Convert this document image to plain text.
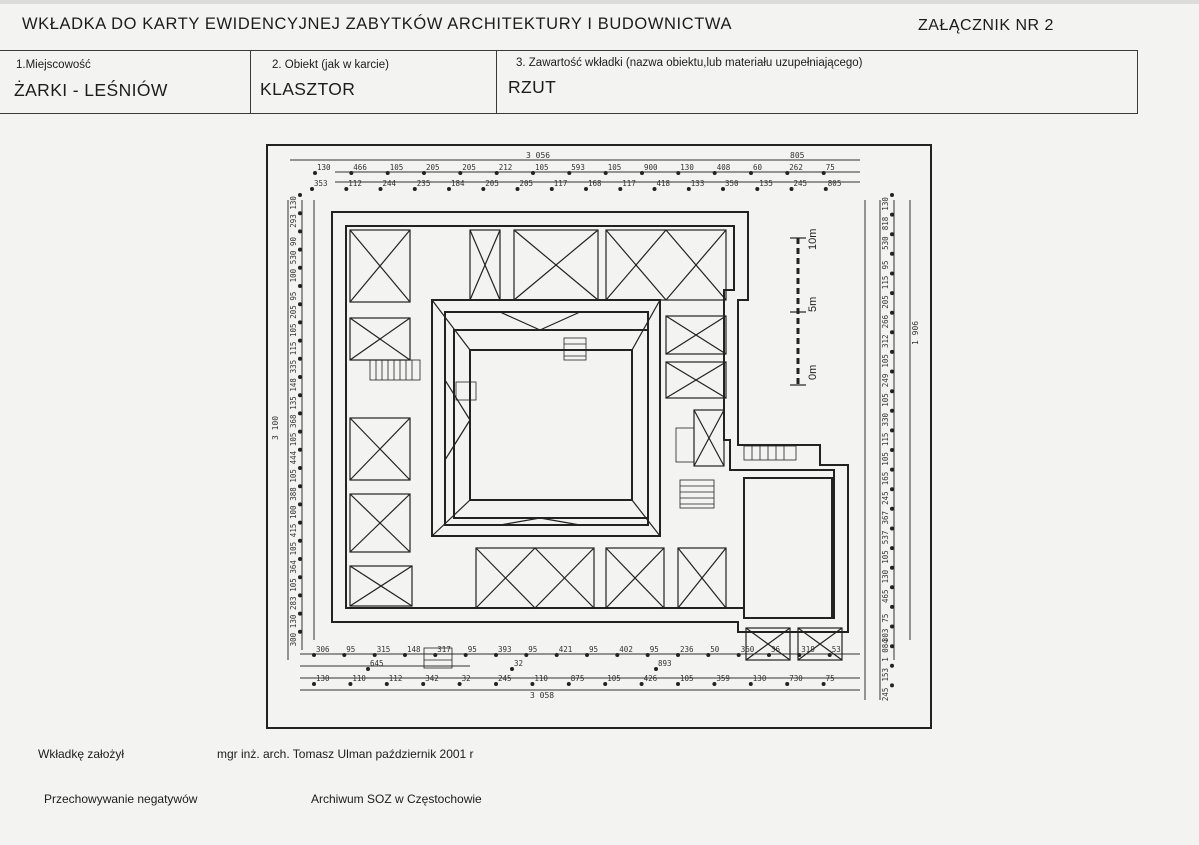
WKŁADKA DO KARTY EWIDENCYJNEJ ZABYTKÓW ARCHITEKTURY I BUDOWNICTWA	ZAŁĄCZNIK NR 2
1.Miejscowość
ŻARKI - LEŚNIÓW
2. Obiekt (jak w karcie)
KLASZTOR
3. Zawartość wkładki (nazwa obiektu,lub materiału uzupełniającego)
RZUT
0m
5m
10m
3 056	805
3 058
3 100
1 906
130	466	105	205	205	212	105	593	105	900	130	408	60	262	75
353	112	244	235	184	205	205	117	168	117	418	133	350	135	245	805
306 95	315 148 317 95	393 95	421 95	402 95	236 50	360 36	319 53
645	32	893
130	110	112	342	32	245	110	875	105	426	105	359	130	730	75
130
293
90
530
100
95
205
105
115
335
148
135
368
105
444
105
388
100
415
105
364
105
283
130
300
130
818
530
95
115
205
266
312
105
249
105
330
115
105
165
245
367
537
105
130
465
75
303
1 084
153
245
Wkładkę założył	mgr inż. arch. Tomasz Ulman październik 2001 r
Przechowywanie negatywów	Archiwum SOZ w Częstochowie
